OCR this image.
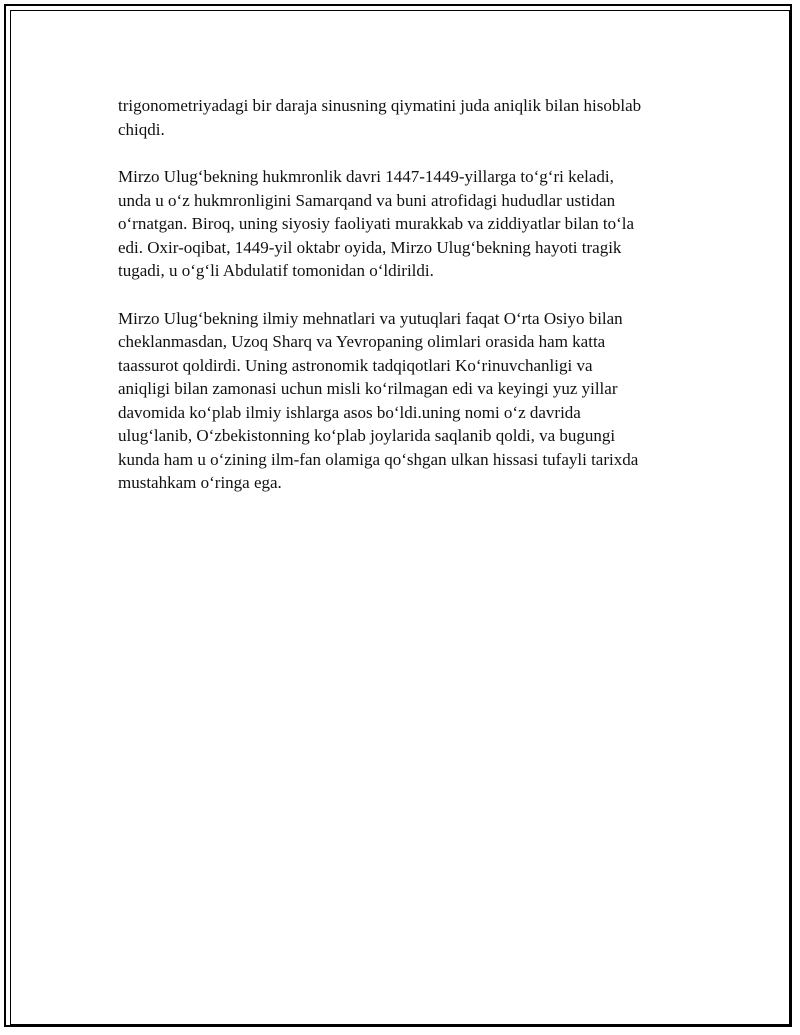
trigonometriyadagi bir daraja sinusning qiymatini juda aniqlik bilan hisoblab
chiqdi.

Mirzo Ulug‘bekning hukmronlik davri 1447-1449-yillarga to‘g‘ri keladi,
unda u o‘z hukmronligini Samarqand va buni atrofidagi hududlar ustidan
o‘rnatgan. Biroq, uning siyosiy faoliyati murakkab va ziddiyatlar bilan to‘la
edi. Oxir-oqibat, 1449-yil oktabr oyida, Mirzo Ulug‘bekning hayoti tragik
tugadi, u o‘g‘li Abdulatif tomonidan o‘ldirildi.

Mirzo Ulug‘bekning ilmiy mehnatlari va yutuqlari faqat O‘rta Osiyo bilan
cheklanmasdan, Uzoq Sharq va Yevropaning olimlari orasida ham katta
taassurot qoldirdi. Uning astronomik tadqiqotlari Ko‘rinuvchanligi va
aniqligi bilan zamonasi uchun misli ko‘rilmagan edi va keyingi yuz yillar
davomida ko‘plab ilmiy ishlarga asos bo‘ldi.uning nomi o‘z davrida
ulug‘lanib, O‘zbekistonning ko‘plab joylarida saqlanib qoldi, va bugungi
kunda ham u o‘zining ilm-fan olamiga qo‘shgan ulkan hissasi tufayli tarixda
mustahkam o‘ringa ega.
